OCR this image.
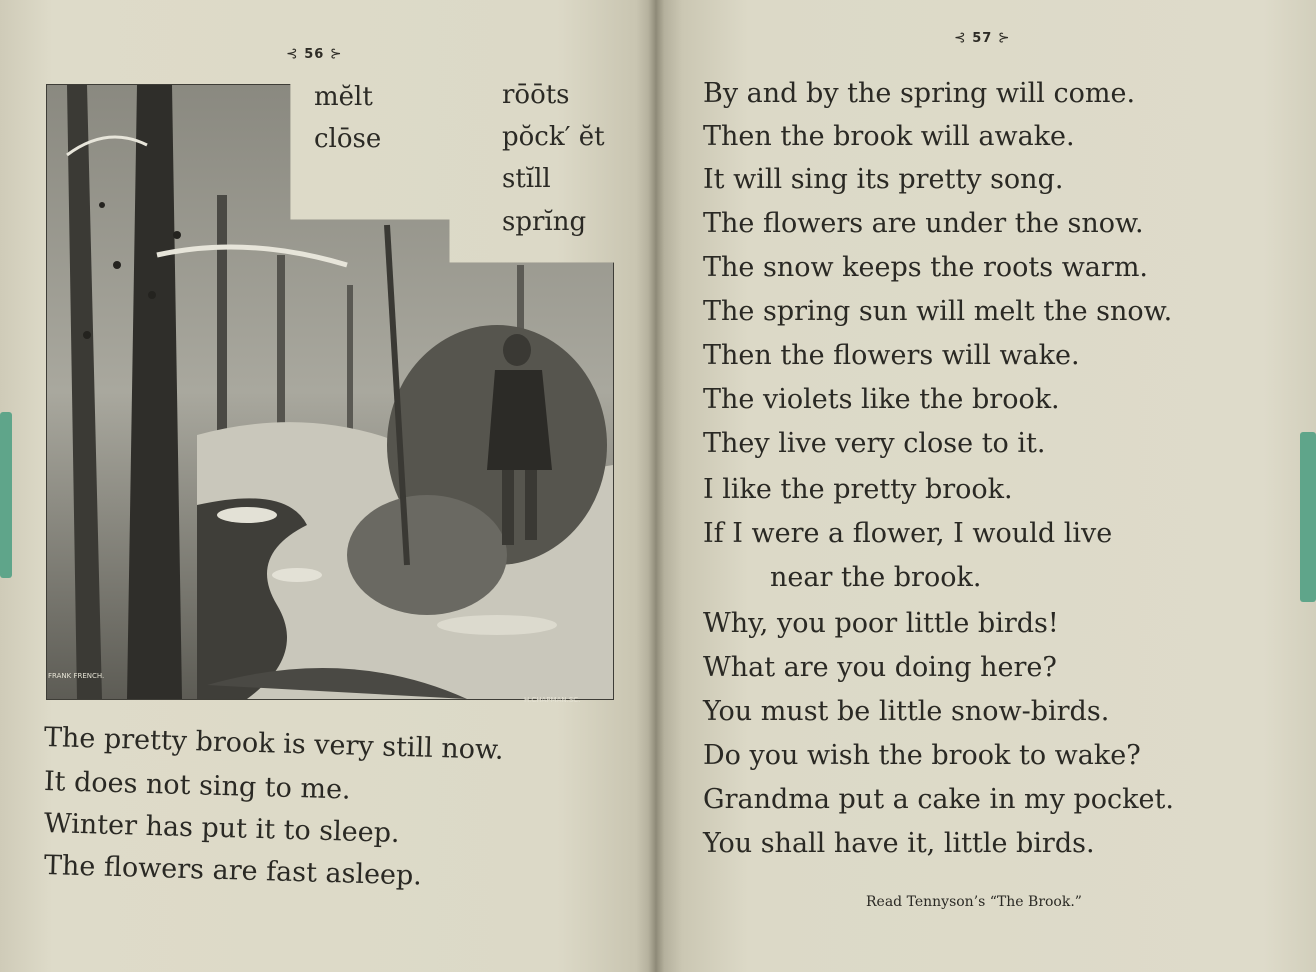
⊰ 56 ⊱
mĕlt
clōse
rōōts
pŏck′ ĕt
stĭll
sprĭng
FRANK FRENCH.
H.CHAPMAN.SC.
The pretty brook is very still now.
It does not sing to me.
Winter has put it to sleep.
The flowers are fast asleep.
⊰ 57 ⊱
By and by the spring will come.
Then the brook will awake.
It will sing its pretty song.
The flowers are under the snow.
The snow keeps the roots warm.
The spring sun will melt the snow.
Then the flowers will wake.
The violets like the brook.
They live very close to it.
I like the pretty brook.
If I were a flower, I would live
near the brook.
Why, you poor little birds!
What are you doing here?
You must be little snow-birds.
Do you wish the brook to wake?
Grandma put a cake in my pocket.
You shall have it, little birds.
Read Tennyson’s “The Brook.”
